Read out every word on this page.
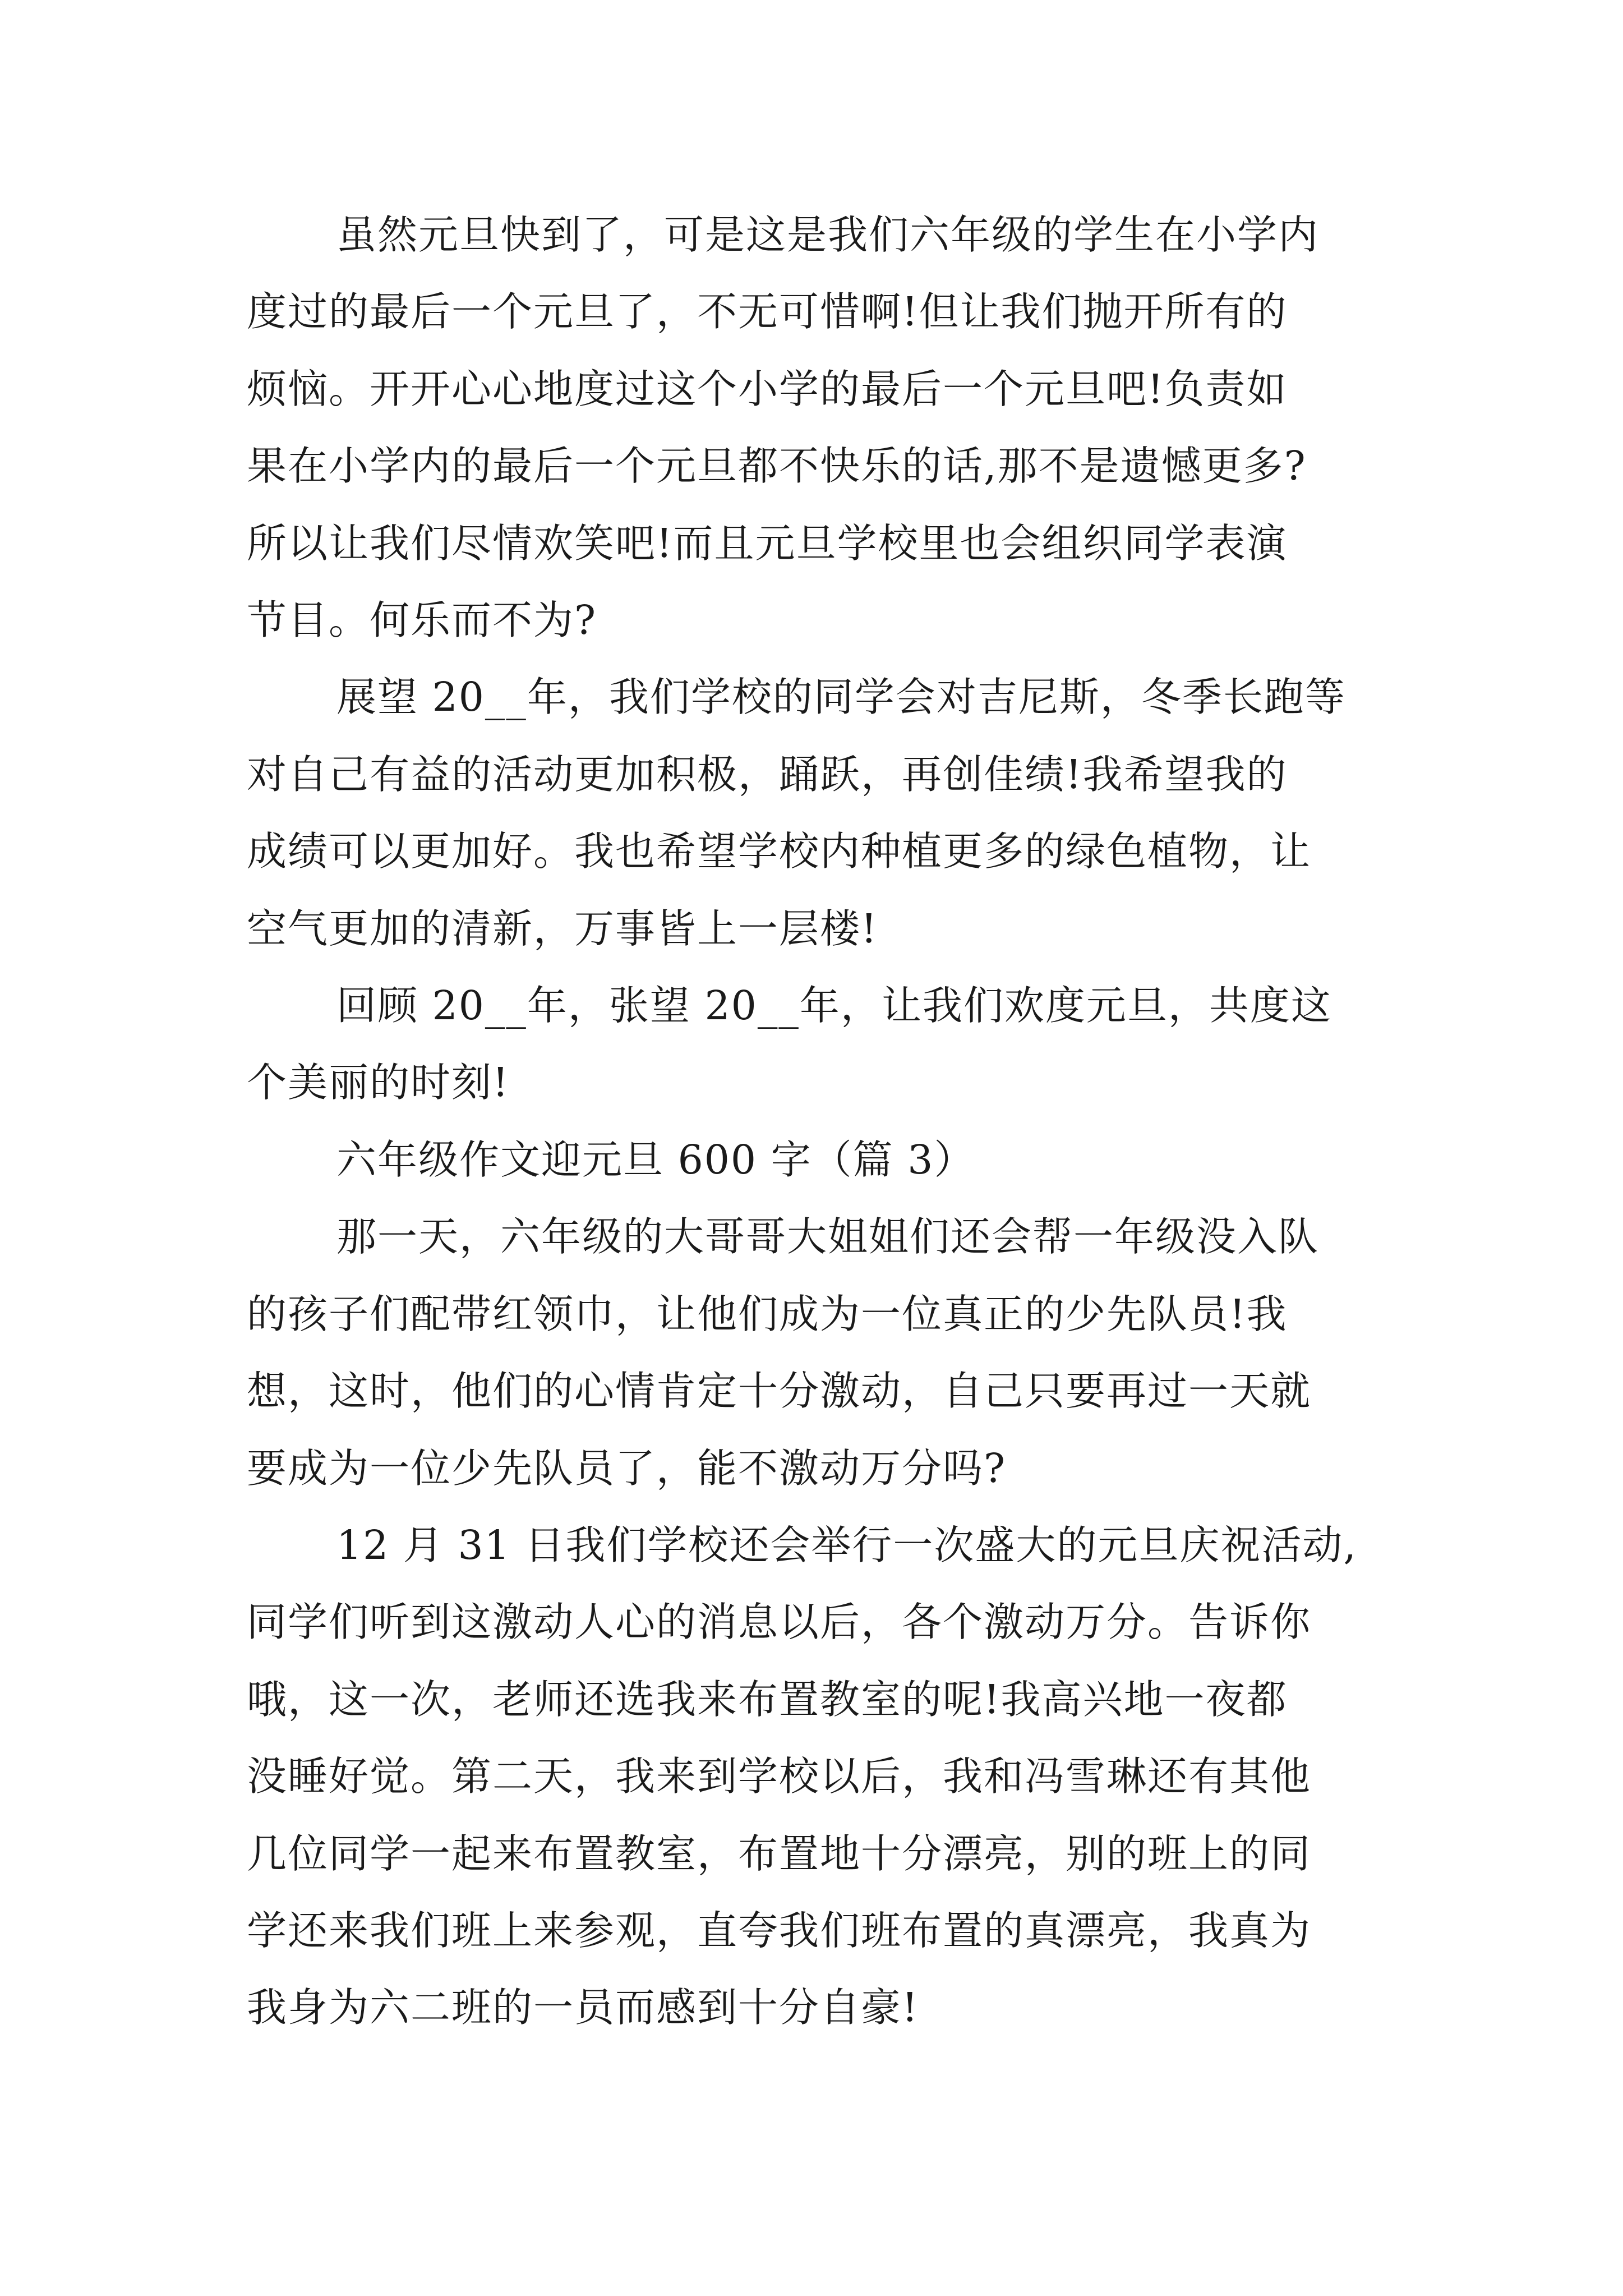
虽然元旦快到了，可是这是我们六年级的学生在小学内
度过的最后一个元旦了，不无可惜啊!但让我们抛开所有的
烦恼。开开心心地度过这个小学的最后一个元旦吧!负责如
果在小学内的最后一个元旦都不快乐的话,那不是遗憾更多?
所以让我们尽情欢笑吧!而且元旦学校里也会组织同学表演
节目。何乐而不为?
展望 20__年，我们学校的同学会对吉尼斯，冬季长跑等
对自己有益的活动更加积极，踊跃，再创佳绩!我希望我的
成绩可以更加好。我也希望学校内种植更多的绿色植物，让
空气更加的清新，万事皆上一层楼!
回顾 20__年，张望 20__年，让我们欢度元旦，共度这
个美丽的时刻!
六年级作文迎元旦 600 字（篇 3）
那一天，六年级的大哥哥大姐姐们还会帮一年级没入队
的孩子们配带红领巾，让他们成为一位真正的少先队员!我
想，这时，他们的心情肯定十分激动，自己只要再过一天就
要成为一位少先队员了，能不激动万分吗?
12 月 31 日我们学校还会举行一次盛大的元旦庆祝活动,
同学们听到这激动人心的消息以后，各个激动万分。告诉你
哦，这一次，老师还选我来布置教室的呢!我高兴地一夜都
没睡好觉。第二天，我来到学校以后，我和冯雪琳还有其他
几位同学一起来布置教室，布置地十分漂亮，别的班上的同
学还来我们班上来参观，直夸我们班布置的真漂亮，我真为
我身为六二班的一员而感到十分自豪!
